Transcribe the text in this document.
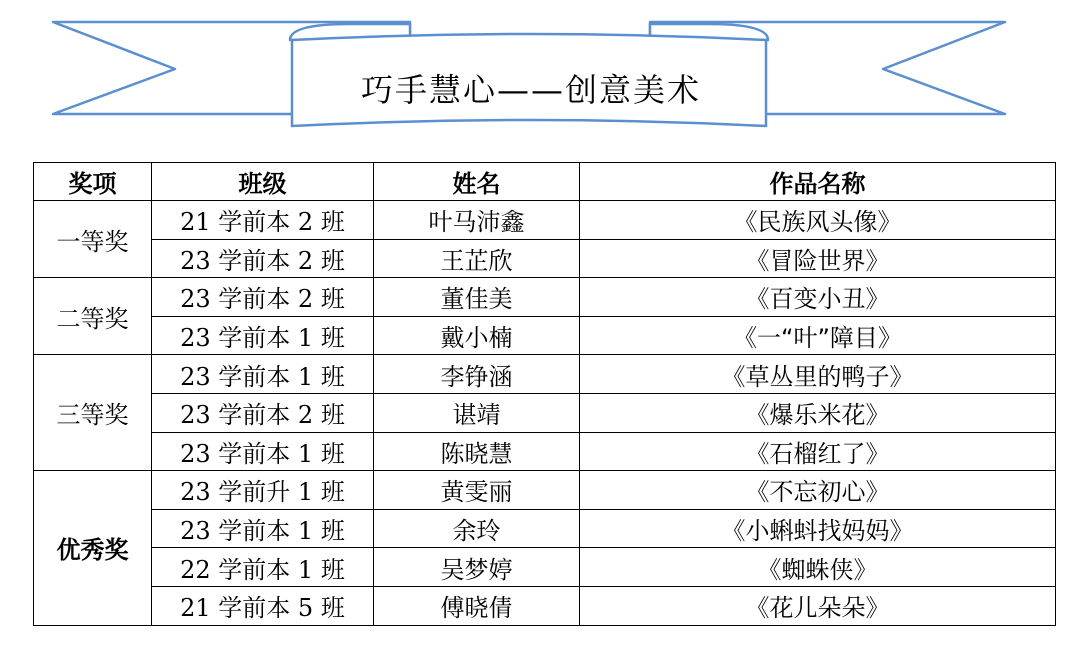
巧手慧心——创意美术
奖项	班级	姓名	作品名称
一等奖	21 学前本 2 班	叶马沛鑫	《民族风头像》
	23 学前本 2 班	王芷欣	《冒险世界》
二等奖	23 学前本 2 班	董佳美	《百变小丑》
	23 学前本 1 班	戴小楠	《一“叶”障目》
三等奖	23 学前本 1 班	李铮涵	《草丛里的鸭子》
	23 学前本 2 班	谌靖	《爆乐米花》
	23 学前本 1 班	陈晓慧	《石榴红了》
优秀奖	23 学前升 1 班	黄雯丽	《不忘初心》
	23 学前本 1 班	余玲	《小蝌蚪找妈妈》
	22 学前本 1 班	吴梦婷	《蜘蛛侠》
	21 学前本 5 班	傅晓倩	《花儿朵朵》
